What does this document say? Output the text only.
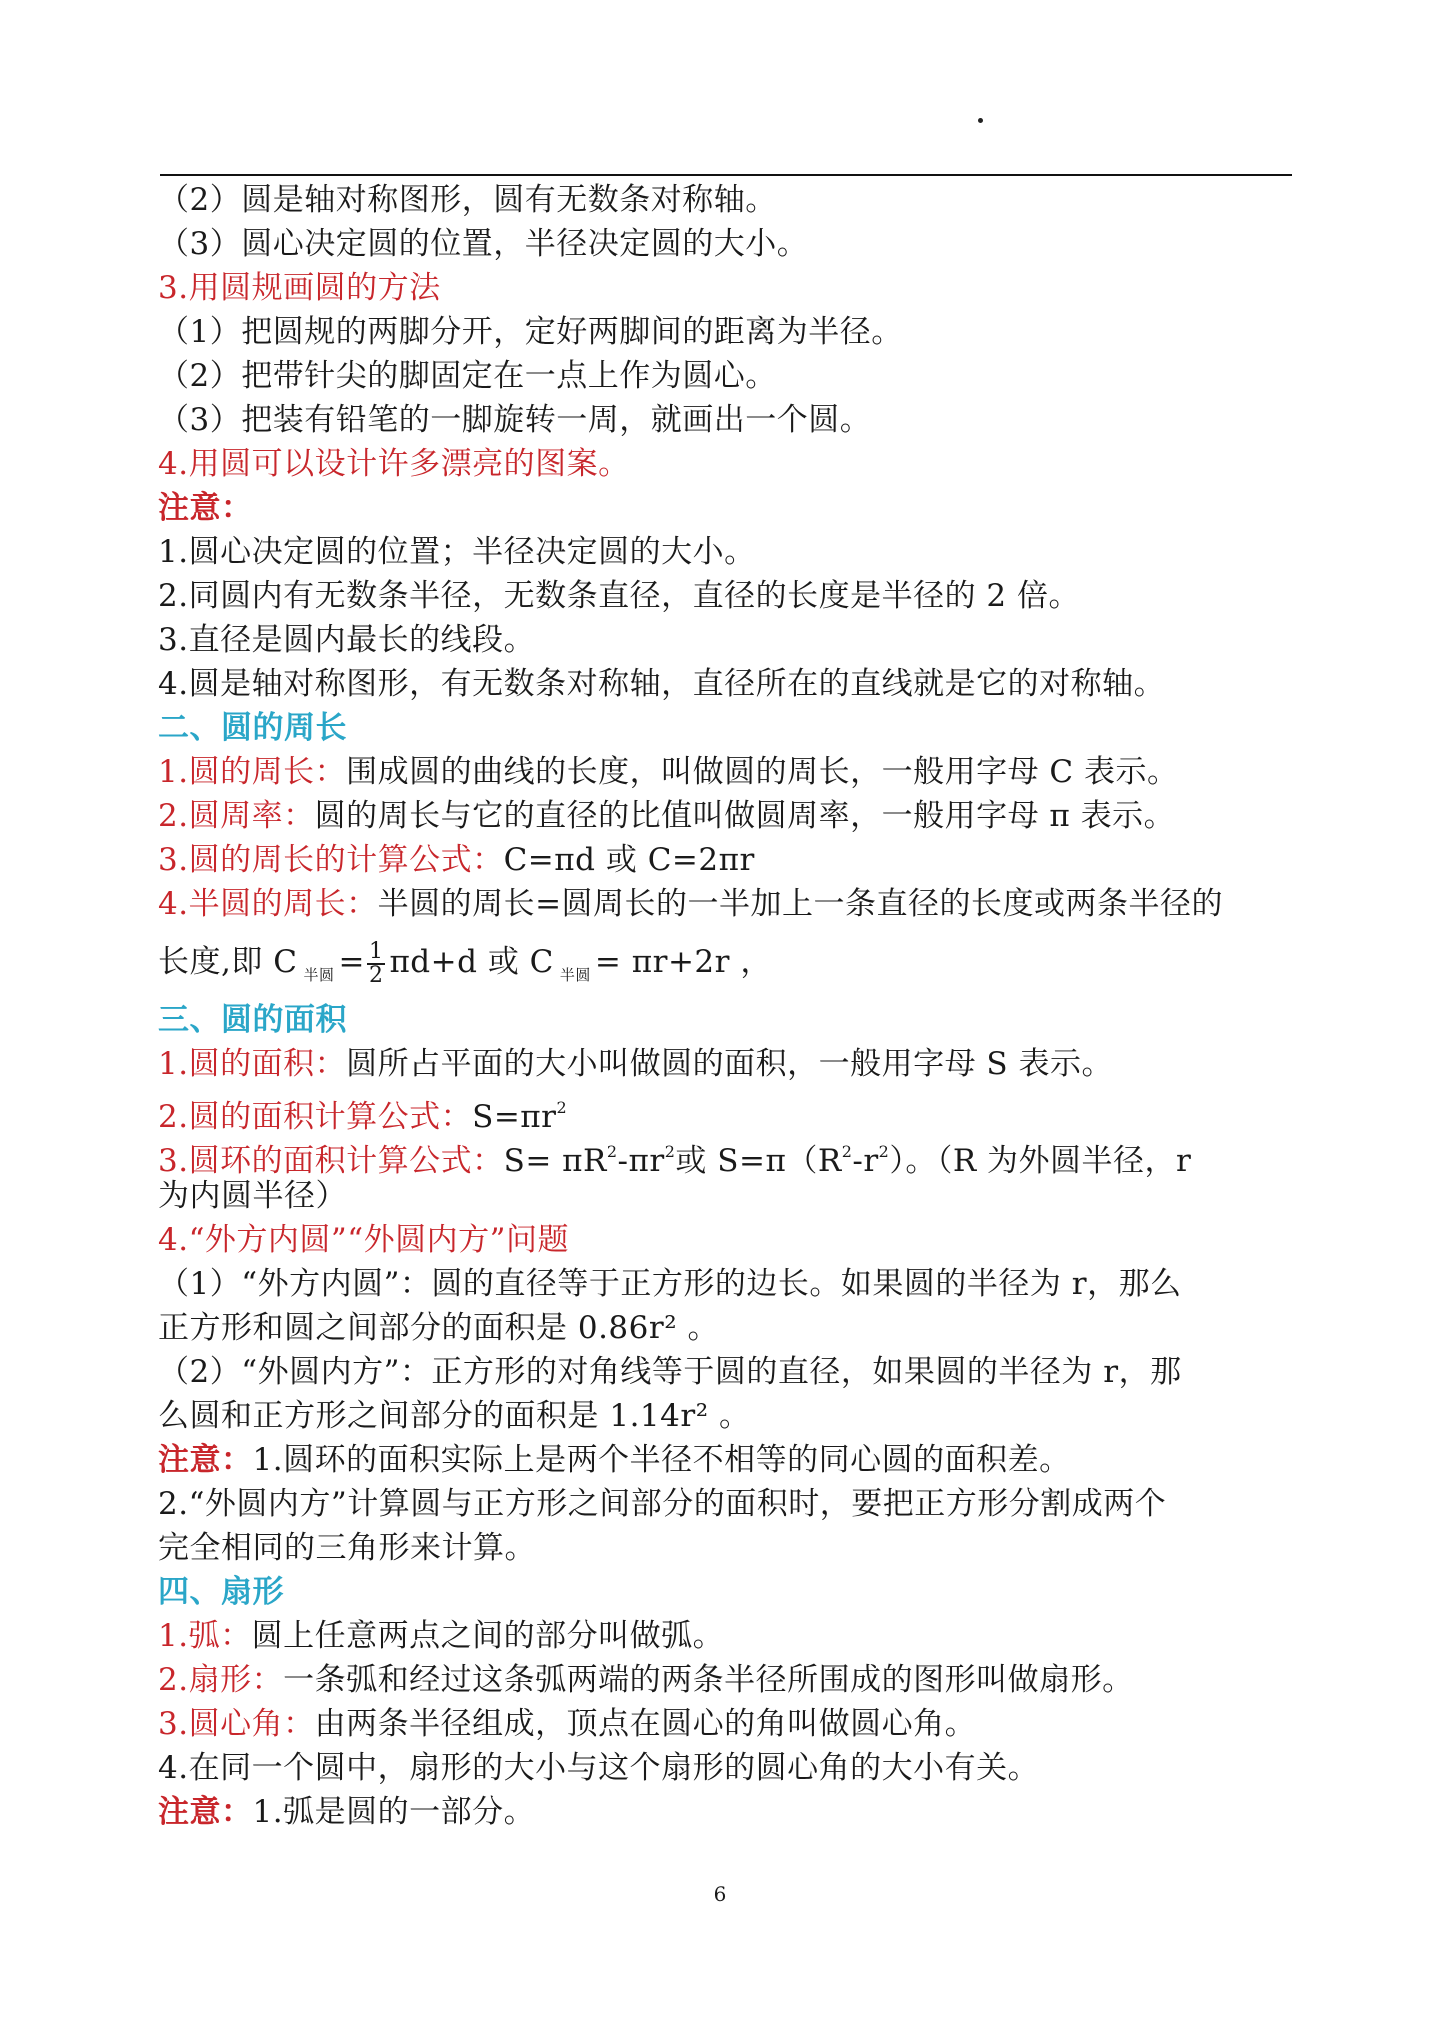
（2）圆是轴对称图形，圆有无数条对称轴。
（3）圆心决定圆的位置，半径决定圆的大小。
3.用圆规画圆的方法
（1）把圆规的两脚分开，定好两脚间的距离为半径。
（2）把带针尖的脚固定在一点上作为圆心。
（3）把装有铅笔的一脚旋转一周，就画出一个圆。
4.用圆可以设计许多漂亮的图案。
注意：
1.圆心决定圆的位置；半径决定圆的大小。
2.同圆内有无数条半径，无数条直径，直径的长度是半径的 2 倍。
3.直径是圆内最长的线段。
4.圆是轴对称图形，有无数条对称轴，直径所在的直线就是它的对称轴。
二、圆的周长
1.圆的周长：围成圆的曲线的长度，叫做圆的周长，一般用字母 C 表示。
2.圆周率：圆的周长与它的直径的比值叫做圆周率，一般用字母 π 表示。
3.圆的周长的计算公式：C=πd 或 C=2πr
4.半圆的周长：半圆的周长=圆周长的一半加上一条直径的长度或两条半径的
长度,即 C $_{半圆} = \frac{1}{2} \pi d+d$ 或 C $_{半圆}$ = πr+2r ，
三、圆的面积
1.圆的面积：圆所占平面的大小叫做圆的面积，一般用字母 S 表示。
2.圆的面积计算公式：$S=\pi r^2$
3.圆环的面积计算公式：$S= \pi R^2-\pi r^2$或 $S=\pi(R^2-r^2)$。（R 为外圆半径，r
为内圆半径）
4.“外方内圆”“外圆内方”问题
（1）“外方内圆”：圆的直径等于正方形的边长。如果圆的半径为 r，那么
正方形和圆之间部分的面积是 0.86r² 。
（2）“外圆内方”：正方形的对角线等于圆的直径，如果圆的半径为 r，那
么圆和正方形之间部分的面积是 1.14r² 。
注意：1.圆环的面积实际上是两个半径不相等的同心圆的面积差。
2.“外圆内方”计算圆与正方形之间部分的面积时，要把正方形分割成两个
完全相同的三角形来计算。
四、扇形
1.弧：圆上任意两点之间的部分叫做弧。
2.扇形：一条弧和经过这条弧两端的两条半径所围成的图形叫做扇形。
3.圆心角：由两条半径组成，顶点在圆心的角叫做圆心角。
4.在同一个圆中，扇形的大小与这个扇形的圆心角的大小有关。
注意：1.弧是圆的一部分。
6
